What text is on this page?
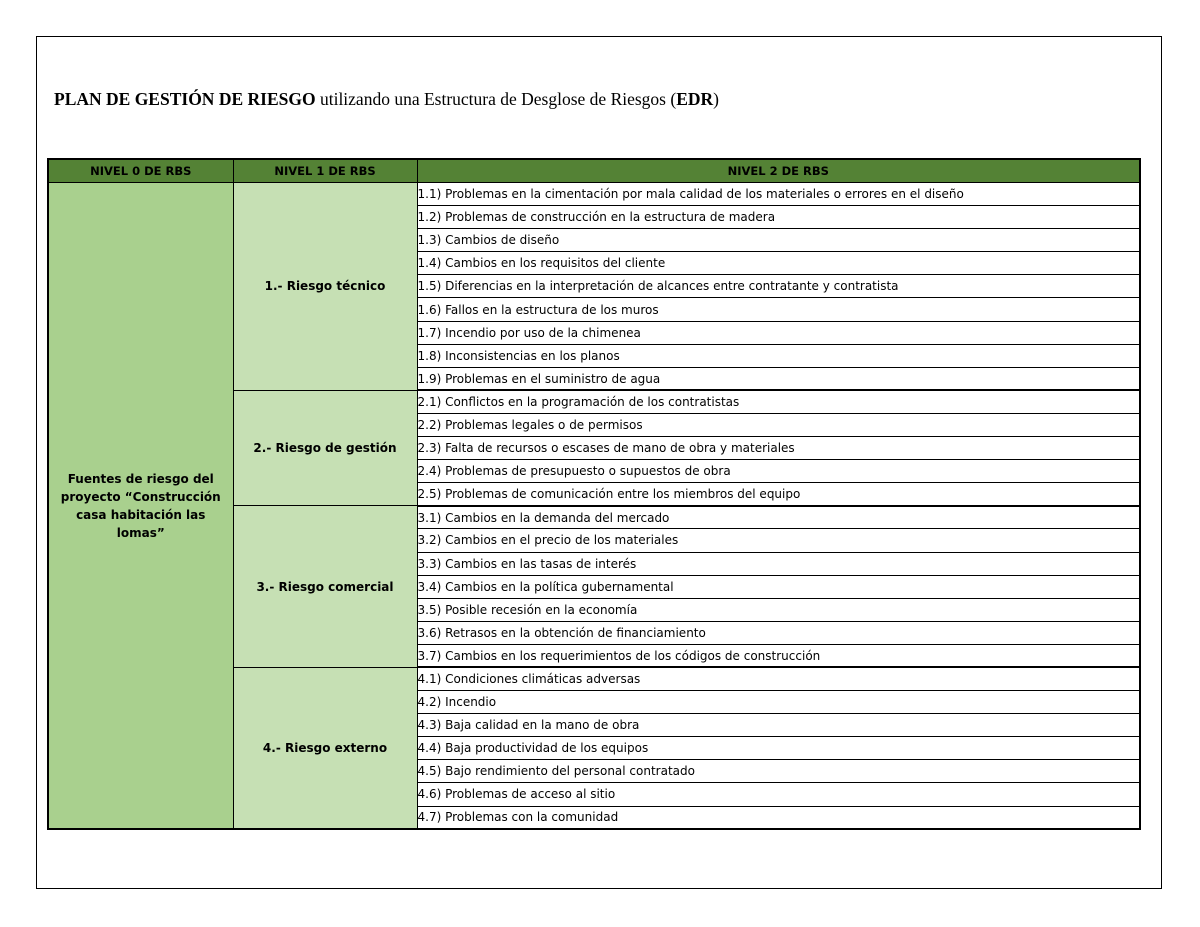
PLAN DE GESTIÓN DE RIESGO utilizando una Estructura de Desglose de Riesgos (EDR)
NIVEL 0 DE RBS	NIVEL 1 DE RBS	NIVEL 2 DE RBS
Fuentes de riesgo del proyecto “Construcción casa habitación las lomas”	1.- Riesgo técnico	1.1) Problemas en la cimentación por mala calidad de los materiales o errores en el diseño
		1.2) Problemas de construcción en la estructura de madera
		1.3) Cambios de diseño
		1.4) Cambios en los requisitos del cliente
		1.5) Diferencias en la interpretación de alcances entre contratante y contratista
		1.6) Fallos en la estructura de los muros
		1.7) Incendio por uso de la chimenea
		1.8) Inconsistencias en los planos
		1.9) Problemas en el suministro de agua
	2.- Riesgo de gestión	2.1) Conflictos en la programación de los contratistas
		2.2) Problemas legales o de permisos
		2.3) Falta de recursos o escases de mano de obra y materiales
		2.4) Problemas de presupuesto o supuestos de obra
		2.5) Problemas de comunicación entre los miembros del equipo
	3.- Riesgo comercial	3.1) Cambios en la demanda del mercado
		3.2) Cambios en el precio de los materiales
		3.3) Cambios en las tasas de interés
		3.4) Cambios en la política gubernamental
		3.5) Posible recesión en la economía
		3.6) Retrasos en la obtención de financiamiento
		3.7) Cambios en los requerimientos de los códigos de construcción
	4.- Riesgo externo	4.1) Condiciones climáticas adversas
		4.2) Incendio
		4.3) Baja calidad en la mano de obra
		4.4) Baja productividad de los equipos
		4.5) Bajo rendimiento del personal contratado
		4.6) Problemas de acceso al sitio
		4.7) Problemas con la comunidad
